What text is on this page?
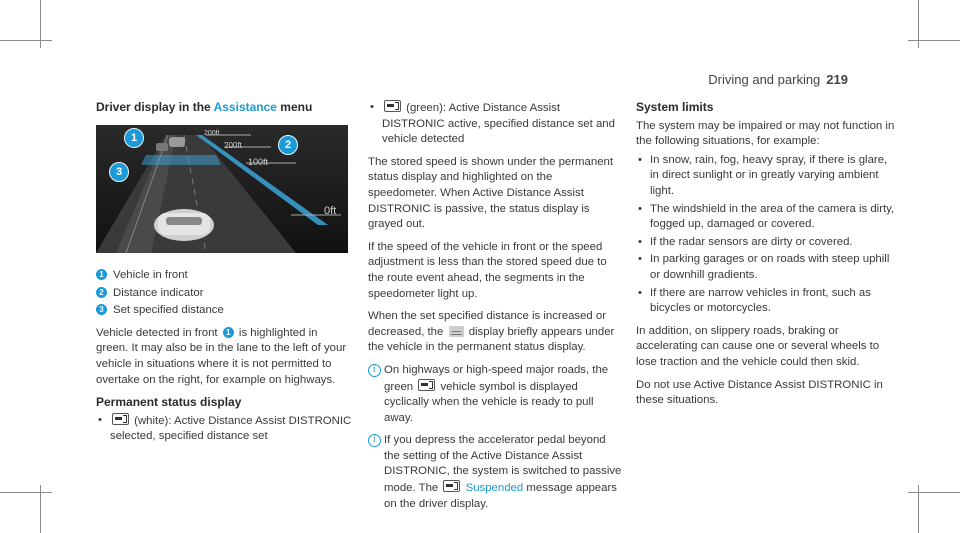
Driving and parking 219
Driver display in the Assistance menu
200ft
200ft
100ft
0ft
1
2
3
1 Vehicle in front
2 Distance indicator
3 Set specified distance

Vehicle detected in front 1 is highlighted in green. It may also be in the lane to the left of your vehicle in situations where it is not permitted to overtake on the right, for example on highways.

Permanent status display
• (white): Active Distance Assist DISTRONIC selected, specified distance set
• (green): Active Distance Assist DISTRONIC active, specified distance set and vehicle detected

The stored speed is shown under the permanent status display and highlighted on the speedometer. When Active Distance Assist DISTRONIC is passive, the status display is grayed out.

If the speed of the vehicle in front or the speed adjustment is less than the stored speed due to the route event ahead, the segments in the speedometer light up.

When the set specified distance is increased or decreased, the  display briefly appears under the vehicle in the permanent status display.

i On highways or high-speed major roads, the green  vehicle symbol is displayed cyclically when the vehicle is ready to pull away.
i If you depress the accelerator pedal beyond the setting of the Active Distance Assist DISTRONIC, the system is switched to passive mode. The  Suspended message appears on the driver display.
System limits

The system may be impaired or may not function in the following situations, for example:

• In snow, rain, fog, heavy spray, if there is glare, in direct sunlight or in greatly varying ambient light.
• The windshield in the area of the camera is dirty, fogged up, damaged or covered.
• If the radar sensors are dirty or covered.
• In parking garages or on roads with steep uphill or downhill gradients.
• If there are narrow vehicles in front, such as bicycles or motorcycles.

In addition, on slippery roads, braking or accelerating can cause one or several wheels to lose traction and the vehicle could then skid.

Do not use Active Distance Assist DISTRONIC in these situations.
